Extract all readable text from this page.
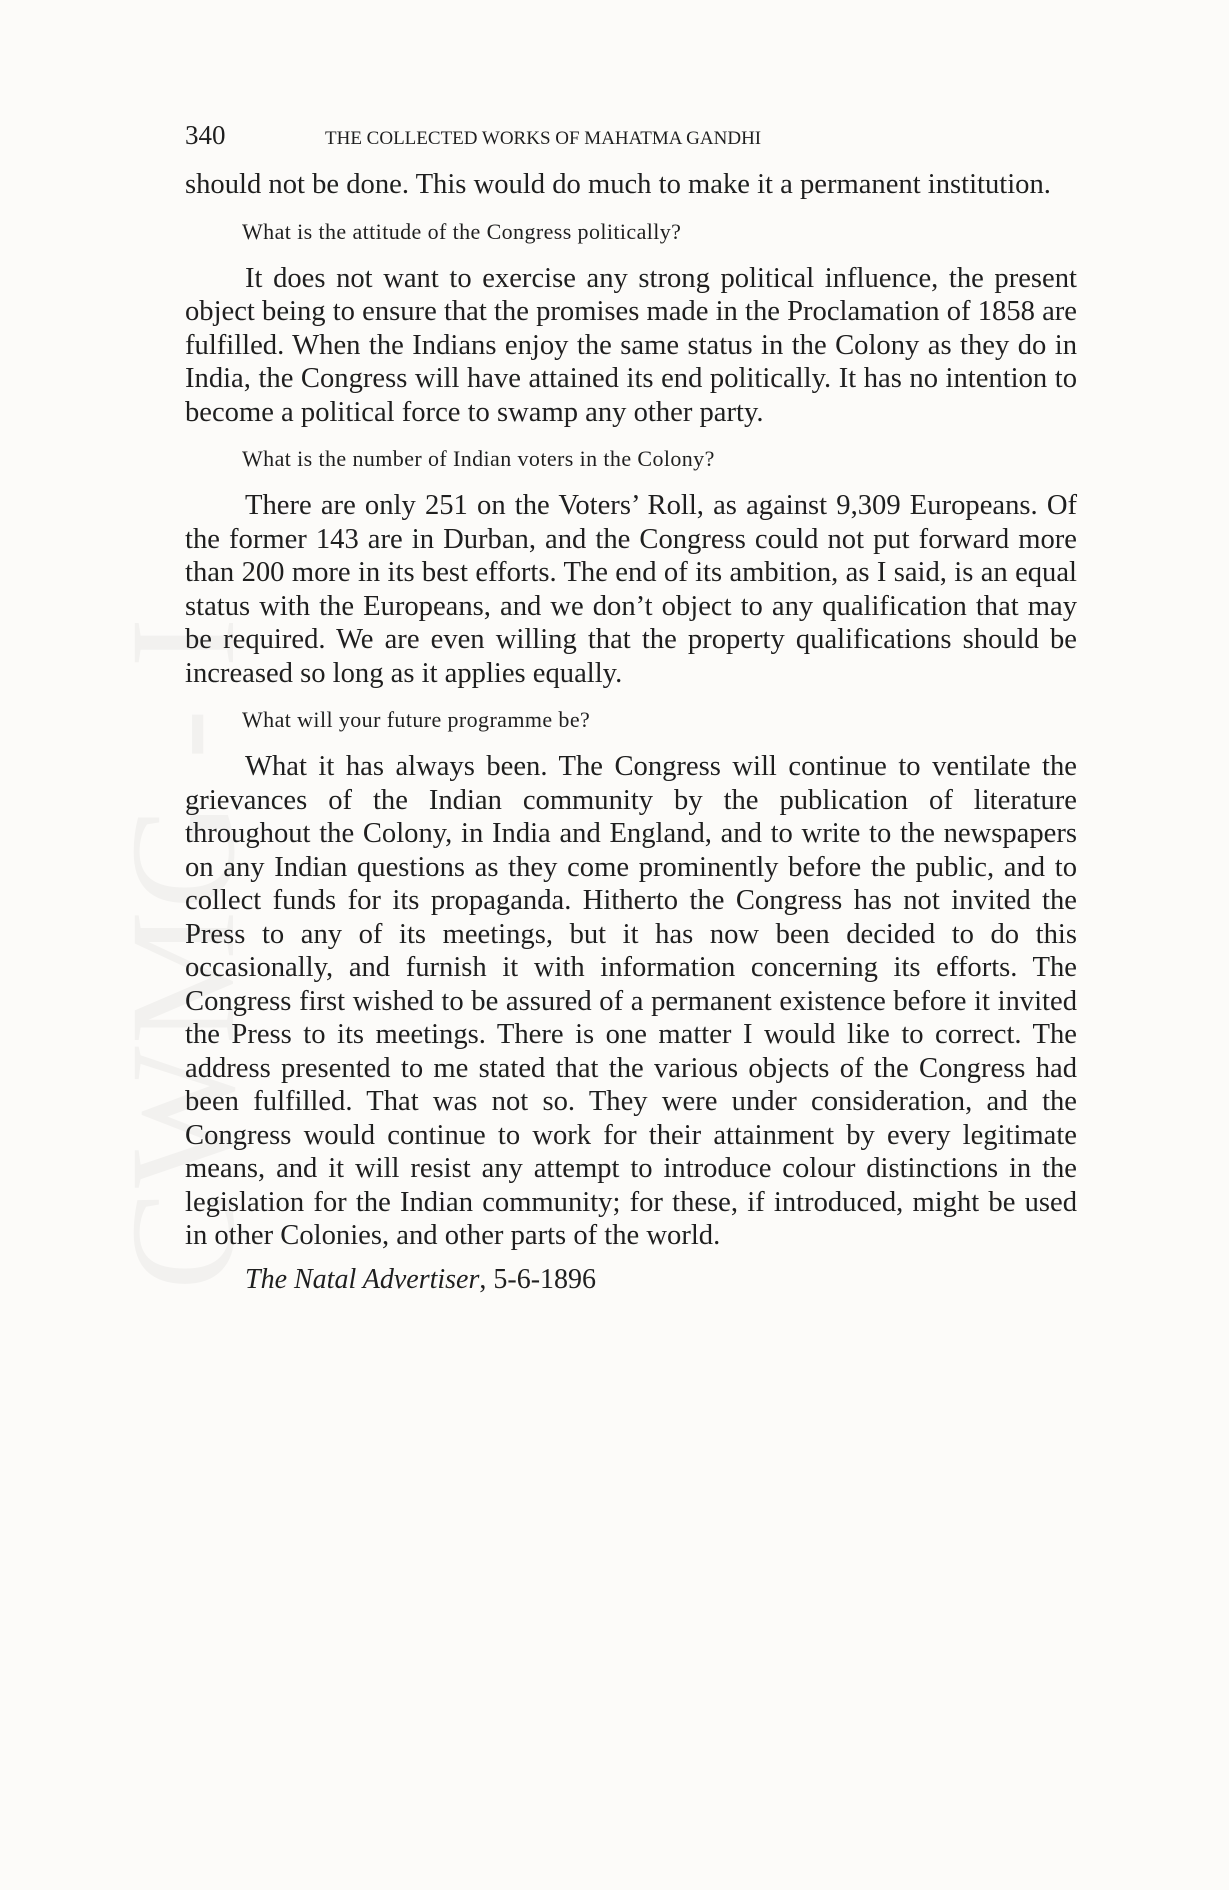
CWMG - I
340	THE COLLECTED WORKS OF MAHATMA GANDHI

should not be done. This would do much to make it a permanent institution.

What is the attitude of the Congress politically?

It does not want to exercise any strong political influence, the present object being to ensure that the promises made in the Proclamation of 1858 are fulfilled. When the Indians enjoy the same status in the Colony as they do in India, the Congress will have attained its end politically. It has no intention to become a political force to swamp any other party.

What is the number of Indian voters in the Colony?

There are only 251 on the Voters’ Roll, as against 9,309 Europeans. Of the former 143 are in Durban, and the Congress could not put forward more than 200 more in its best efforts. The end of its ambition, as I said, is an equal status with the Europeans, and we don’t object to any qualification that may be required. We are even willing that the property qualifications should be increased so long as it applies equally.

What will your future programme be?

What it has always been. The Congress will continue to ventilate the grievances of the Indian community by the publication of literature throughout the Colony, in India and England, and to write to the newspapers on any Indian questions as they come prominently before the public, and to collect funds for its propaganda. Hitherto the Congress has not invited the Press to any of its meetings, but it has now been decided to do this occasionally, and furnish it with information concerning its efforts. The Congress first wished to be assured of a permanent existence before it invited the Press to its meetings. There is one matter I would like to correct. The address presented to me stated that the various objects of the Congress had been fulfilled. That was not so. They were under consideration, and the Congress would continue to work for their attainment by every legitimate means, and it will resist any attempt to introduce colour distinctions in the legislation for the Indian community; for these, if introduced, might be used in other Colonies, and other parts of the world.

The Natal Advertiser, 5-6-1896
